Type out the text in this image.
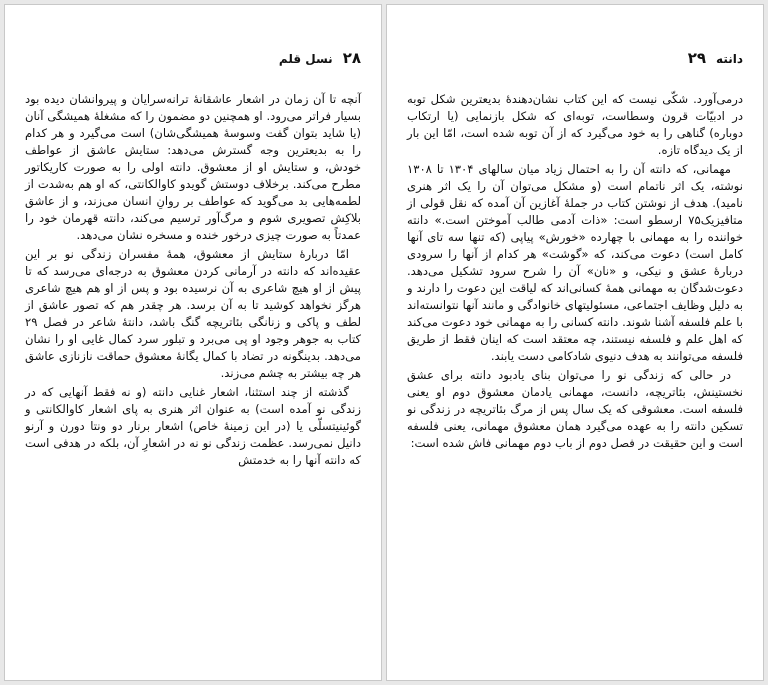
۲۸
نسل قلم

آنچه تا آن زمان در اشعار عاشقانهٔ ترانه‌سرایان و پیروانشان دیده بود بسیار فراتر می‌رود. او همچنین دو مضمون را که مشغلهٔ همیشگی آنان (یا شاید بتوان گفت وسوسهٔ همیشگی‌شان) است می‌گیرد و هر کدام را به بدیعترین وجه گسترش می‌دهد: ستایش عاشق از عواطف خودش، و ستایش او از معشوق. دانته اولی را به صورت کاریکاتور مطرح می‌کند. برخلاف دوستش گویدو کاوالکانتی، که او هم به‌شدت از لطمه‌هایی بد می‌گوید که عواطف بر روانِ انسان می‌زند، و از عاشق بلاکِش تصویری شوم و مرگ‌آور ترسیم می‌کند، دانته قهرمان خود را عمدتاً به صورت چیزی درخور خنده و مسخره نشان می‌دهد.

امّا دربارهٔ ستایش از معشوق، همهٔ مفسران زندگی نو بر این عقیده‌اند که دانته در آرمانی کردن معشوق به درجه‌ای می‌رسد که تا پیش از او هیچ شاعری به آن نرسیده بود و پس از او هم هیچ شاعری هرگز نخواهد کوشید تا به آن برسد. هر چقدر هم که تصور عاشق از لطف و پاکی و زنانگی بئاتریچه گنگ باشد، دانتهٔ شاعر در فصل ۲۹ کتاب به جوهر وجود او پی می‌برد و تبلور سرد کمال غایی او را نشان می‌دهد. بدینگونه در تضاد با کمال یگانهٔ معشوق حماقت نازنازی عاشق هر چه بیشتر به چشم می‌زند.

گذشته از چند استثنا، اشعار غنایی دانته (و نه فقط آنهایی که در زندگی نو آمده است) به عنوان اثر هنری به پای اشعار کاوالکانتی و گوئینیتسلّی یا (در این زمینهٔ خاص) اشعار برنار دو ونتا دورن و آرنو دانیل نمی‌رسد. عظمت زندگی نو نه در اشعارِ آن، بلکه در هدفی است که دانته آنها را به خدمتش

دانته
۲۹

درمی‌آورد. شکّی نیست که این کتاب نشان‌دهندهٔ بدیعترین شکل توبه در ادبیّات قرون وسطاست، توبه‌ای که شکل بازنمایی (یا ارتکاب دوباره) گناهی را به خود می‌گیرد که از آن توبه شده است، امّا این بار از یک دیدگاه تازه.

مهمانی، که دانته آن را به احتمال زیاد میان سالهای ۱۳۰۴ تا ۱۳۰۸ نوشته، یک اثر ناتمام است (و مشکل می‌توان آن را یک اثر هنری نامید). هدف از نوشتن کتاب در جملهٔ آغازین آن آمده که نقل قولی از متافیزیک۷۵ ارسطو است: «ذات آدمی طالب آموختن است.» دانته خواننده را به مهمانی با چهارده «خورش» پیاپی (که تنها سه تای آنها کامل است) دعوت می‌کند، که «گوشت» هر کدام از آنها را سرودی دربارهٔ عشق و نیکی، و «نان» آن را شرح سرود تشکیل می‌دهد. دعوت‌شدگان به مهمانی همهٔ کسانی‌اند که لیاقت این دعوت را دارند و به دلیل وظایف اجتماعی، مسئولیتهای خانوادگی و مانند آنها نتوانسته‌اند با علم فلسفه آشنا شوند. دانته کسانی را به مهمانی خود دعوت می‌کند که اهل علم و فلسفه نیستند، چه معتقد است که اینان فقط از طریق فلسفه می‌توانند به هدف دنیوی شادکامی دست یابند.

در حالی که زندگی نو را می‌توان بنای یادبود دانته برای عشق نخستینش، بئاتریچه، دانست، مهمانی یادمان معشوق دوم او یعنی فلسفه است. معشوقی که یک سال پس از مرگ بئاتریچه در زندگی نو تسکین دانته را به عهده می‌گیرد همان معشوق مهمانی، یعنی فلسفه است و این حقیقت در فصل دوم از باب دوم مهمانی فاش شده است:
